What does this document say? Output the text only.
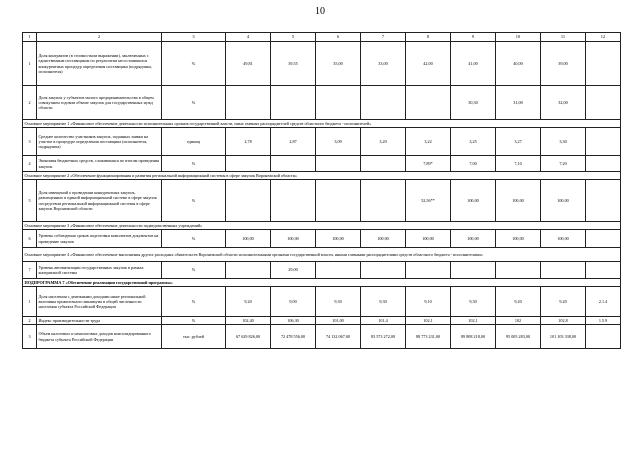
10
1	2	3	4	5	6	7	8	9	10	11	12
1	Доля контрактов (в стоимостном выражении), заключенных с единственным поставщиком по результатам несостоявшихся конкурентных процедур определения поставщика (подрядчика, исполнителя)	%	49,81	39,55	35,00	33,00	42,00	41,00	40,00	39,00	
2	Доля закупок у субъектов малого предпринимательства в общем совокупном годовом объеме закупок для государственных нужд области	%						30,30	31,00	32,00	
Основное мероприятие 1 «Финансовое обеспечение деятельности исполнительных органов государственной власти, иных главных распорядителей средств областного бюджета - исполнителей»											
3	Среднее количество участников закупок, поданных заявки на участие в процедуре определения поставщика (исполнителя, подрядчика)	единиц	2,78	2,87	3,09	3,20	3,22	3,25	3,27	3,30	
4	Экономия бюджетных средств, сложившаяся по итогам проведения закупок	%					7,89*	7,00	7,10	7,20	
Основное мероприятие 2 «Обеспечение функционирования и развития региональной информационной системы в сфере закупок Воронежской области»											
5	Доля извещений о проведении конкурентных закупок, размещенных в единой информационной системе в сфере закупок посредством региональной информационной системы в сфере закупок Воронежской области	%					52,56**	100,00	100,00	100,00	
Основное мероприятие 3 «Финансовое обеспечение деятельности подведомственных учреждений»											
6	Уровень соблюдения сроков подготовки комплектов документов на проведение закупок	%	100,00	100,00	100,00	100,00	100,00	100,00	100,00	100,00	
Основное мероприятие 4 «Финансовое обеспечение выполнения других расходных обязательств Воронежской области исполнительными органами государственной власти, иными главными распорядителями средств областного бюджета - исполнителями»											
7	Уровень автоматизации государственных закупок в рамках контрактной системы	%		29,00							
ПОДПРОГРАММА 7 «Обеспечение реализации государственной программы»											
1	Доля населения с денежными доходами ниже региональной величины прожиточного минимума в общей численности населения субъекта Российской Федерации	%	9,20	9,00	9,30	9,30	9,10	9,30	9,20	9,20	2.1.4
2	Индекс производительности труда	%	102,40	106,30	101,00	101,4	102,1	102,1	102	102,8	1.5.9
3	Объем налоговых и неналоговых доходов консолидированного бюджета субъекта Российской Федерации	тыс. рублей	67 629 826,00	72 478 556,00	74 132 067,00	83 573 272,00	88 773 231,00	89 808 218,00	95 005 283,00	101 103 338,00	
